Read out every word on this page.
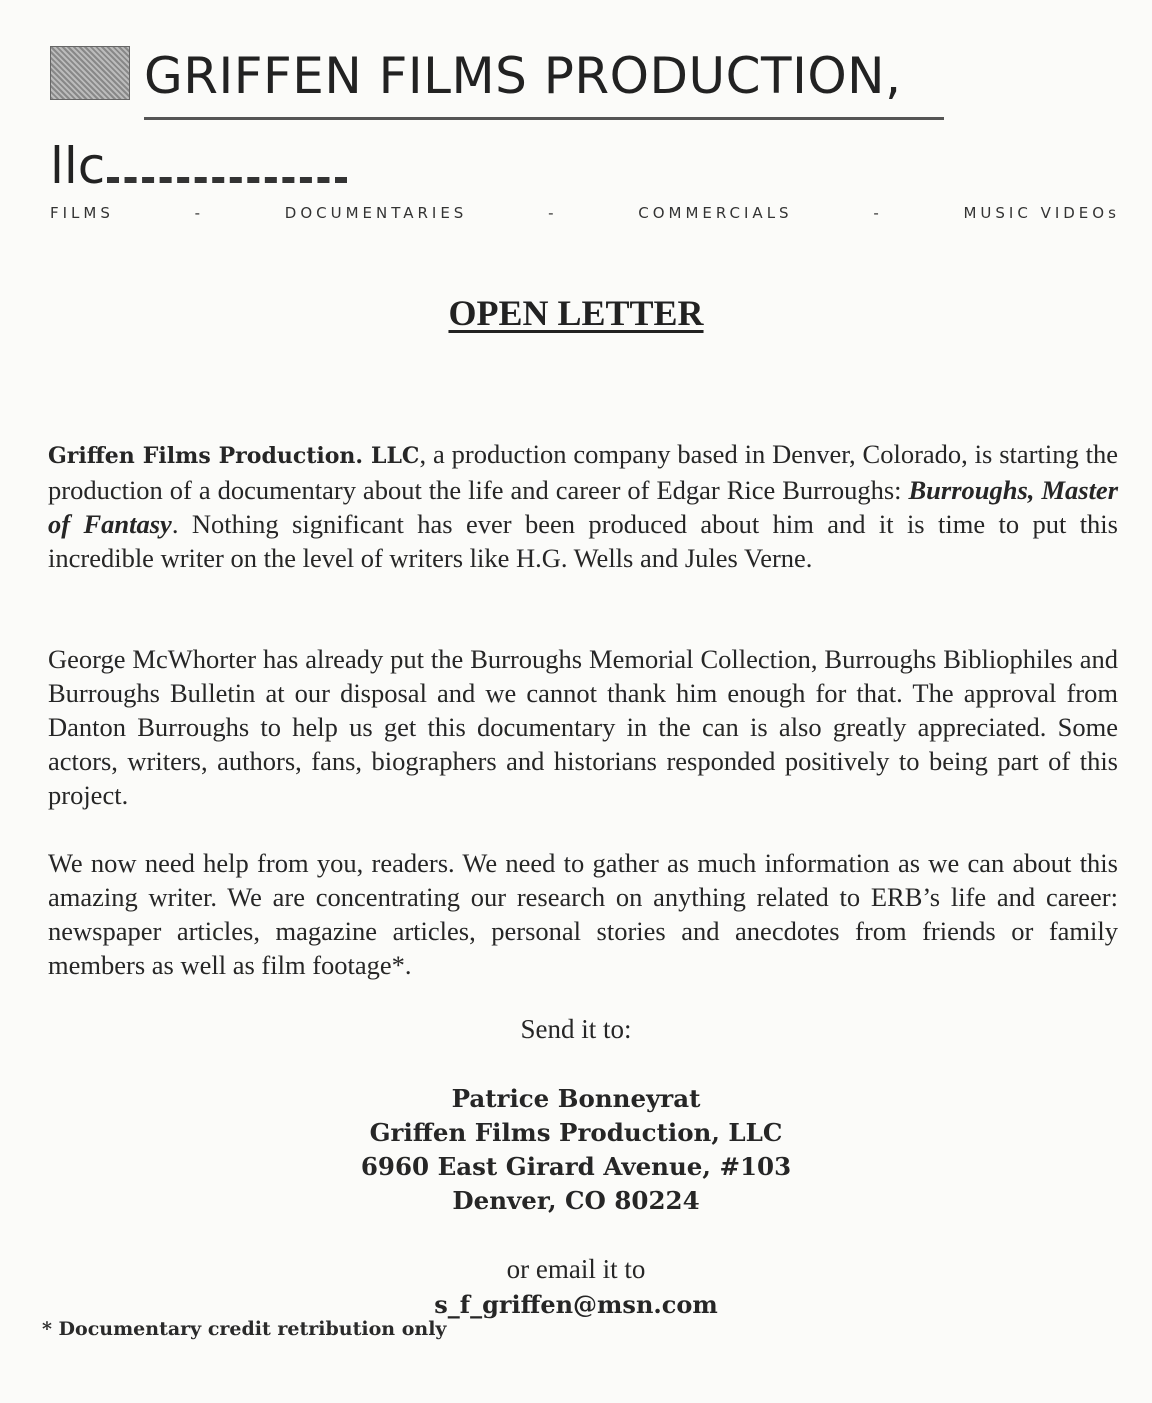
GRIFFEN FILMS PRODUCTION,
llc
FILMS	-	DOCUMENTARIES	-	COMMERCIALS	-	MUSIC VIDEOs
OPEN LETTER
Griffen Films Production. LLC, a production company based in Denver, Colorado, is starting the production of a documentary about the life and career of Edgar Rice Burroughs: Burroughs, Master of Fantasy. Nothing significant has ever been produced about him and it is time to put this incredible writer on the level of writers like H.G. Wells and Jules Verne.
George McWhorter has already put the Burroughs Memorial Collection, Burroughs Bibliophiles and Burroughs Bulletin at our disposal and we cannot thank him enough for that. The approval from Danton Burroughs to help us get this documentary in the can is also greatly appreciated. Some actors, writers, authors, fans, biographers and historians responded positively to being part of this project.
We now need help from you, readers. We need to gather as much information as we can about this amazing writer. We are concentrating our research on anything related to ERB’s life and career: newspaper articles, magazine articles, personal stories and anecdotes from friends or family members as well as film footage*.
Send it to:
Patrice Bonneyrat
Griffen Films Production, LLC
6960 East Girard Avenue, #103
Denver, CO 80224
or email it to
s_f_griffen@msn.com
* Documentary credit retribution only
